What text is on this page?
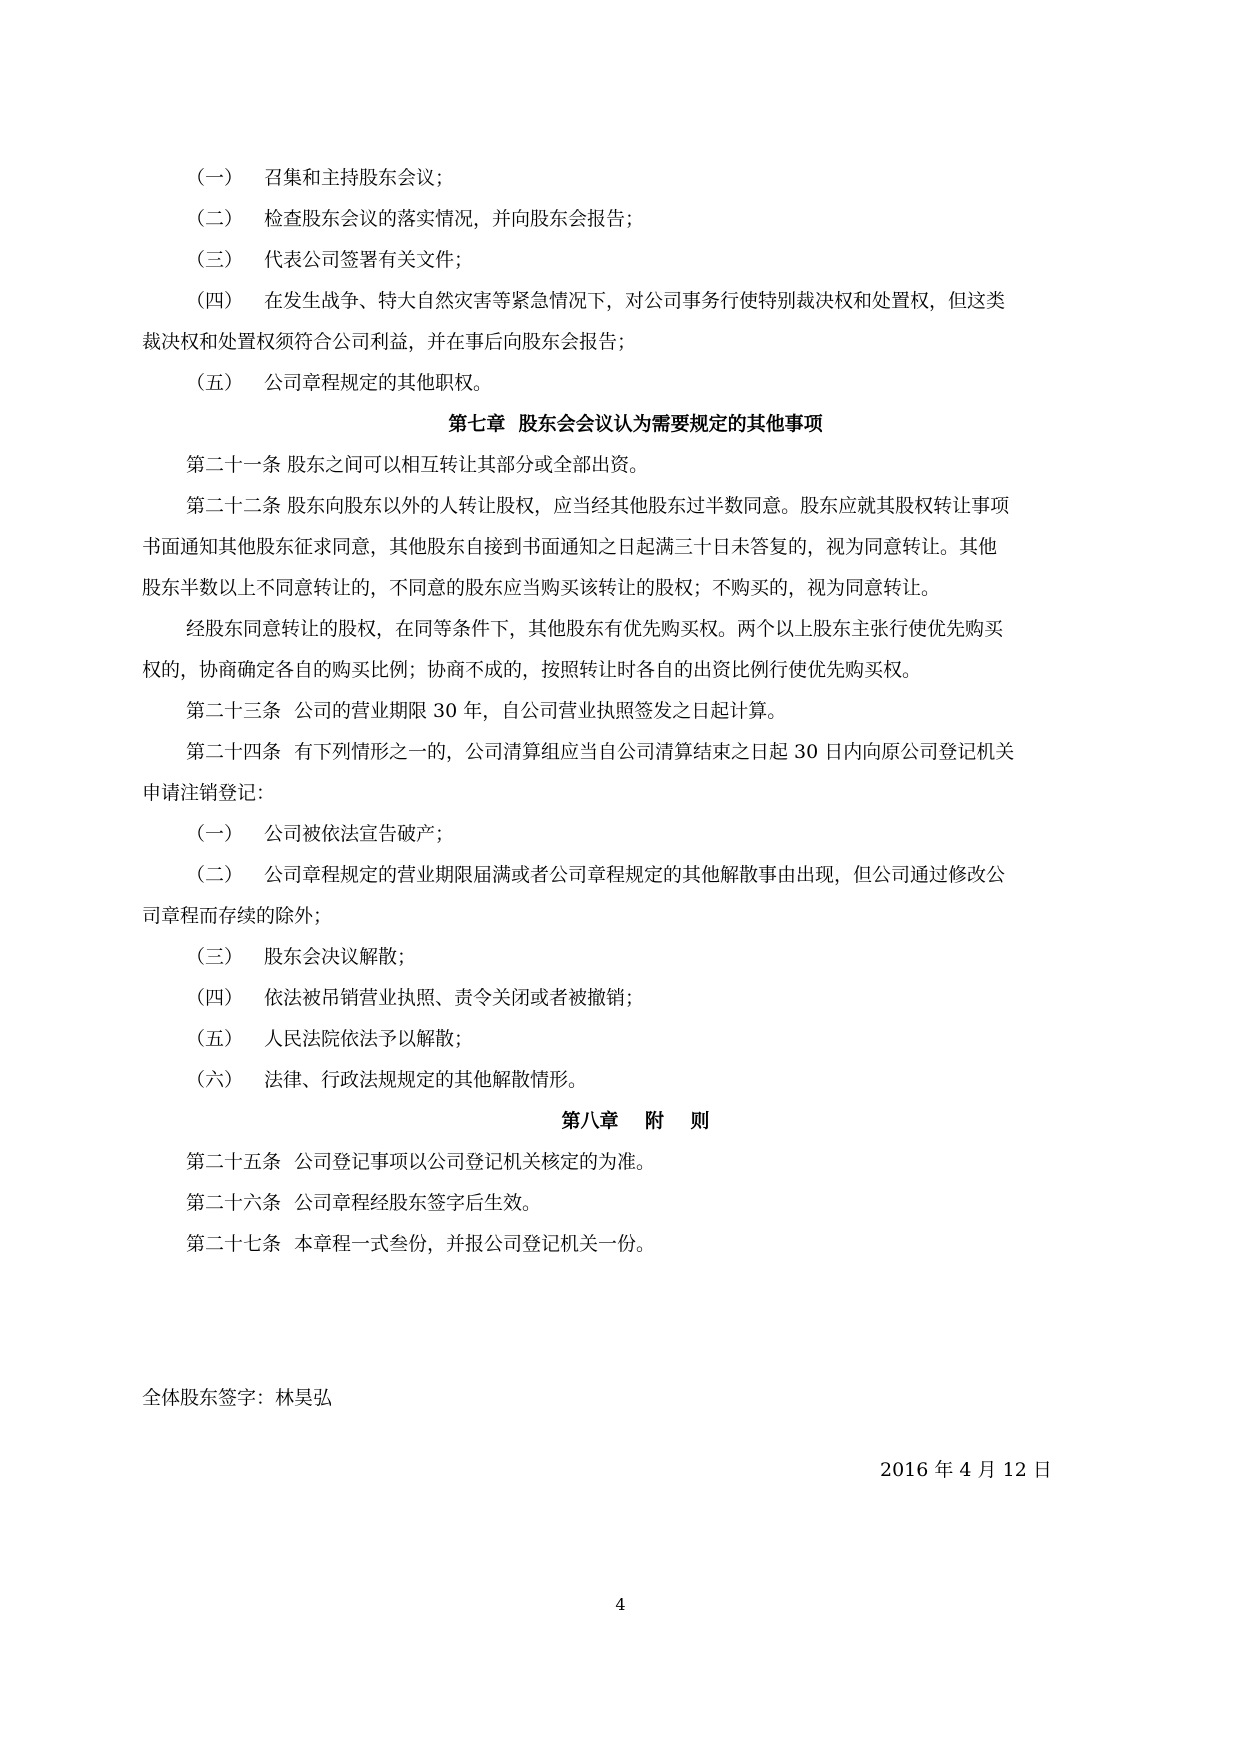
（一） 召集和主持股东会议；
（二） 检查股东会议的落实情况，并向股东会报告；
（三） 代表公司签署有关文件；
（四） 在发生战争、特大自然灾害等紧急情况下，对公司事务行使特别裁决权和处置权，但这类
裁决权和处置权须符合公司利益，并在事后向股东会报告；
（五） 公司章程规定的其他职权。
第七章  股东会会议认为需要规定的其他事项
第二十一条 股东之间可以相互转让其部分或全部出资。
第二十二条 股东向股东以外的人转让股权，应当经其他股东过半数同意。股东应就其股权转让事项
书面通知其他股东征求同意，其他股东自接到书面通知之日起满三十日未答复的，视为同意转让。其他
股东半数以上不同意转让的，不同意的股东应当购买该转让的股权；不购买的，视为同意转让。
经股东同意转让的股权，在同等条件下，其他股东有优先购买权。两个以上股东主张行使优先购买
权的，协商确定各自的购买比例；协商不成的，按照转让时各自的出资比例行使优先购买权。
第二十三条 公司的营业期限 30 年，自公司营业执照签发之日起计算。
第二十四条 有下列情形之一的，公司清算组应当自公司清算结束之日起 30 日内向原公司登记机关
申请注销登记：
（一） 公司被依法宣告破产；
（二） 公司章程规定的营业期限届满或者公司章程规定的其他解散事由出现，但公司通过修改公
司章程而存续的除外；
（三） 股东会决议解散；
（四） 依法被吊销营业执照、责令关闭或者被撤销；
（五） 人民法院依法予以解散；
（六） 法律、行政法规规定的其他解散情形。
第八章    附    则
第二十五条 公司登记事项以公司登记机关核定的为准。
第二十六条 公司章程经股东签字后生效。
第二十七条 本章程一式叁份，并报公司登记机关一份。
全体股东签字：林昊弘
2016 年 4 月 12 日
4
